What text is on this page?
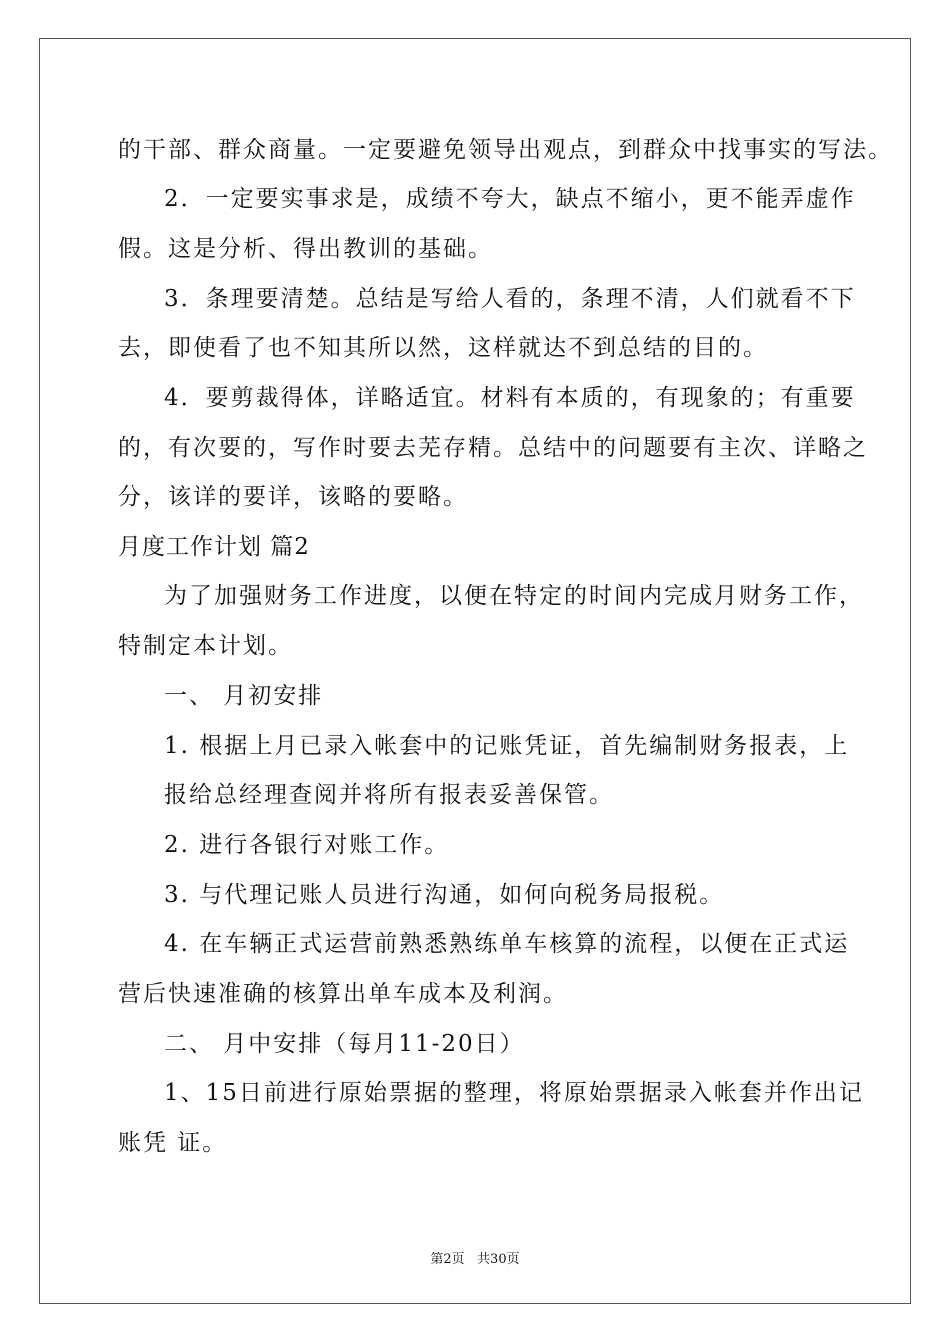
的干部、群众商量。一定要避免领导出观点，到群众中找事实的写法。

2．一定要实事求是，成绩不夸大，缺点不缩小，更不能弄虚作

假。这是分析、得出教训的基础。

3．条理要清楚。总结是写给人看的，条理不清，人们就看不下

去，即使看了也不知其所以然，这样就达不到总结的目的。

4．要剪裁得体，详略适宜。材料有本质的，有现象的；有重要

的，有次要的，写作时要去芜存精。总结中的问题要有主次、详略之

分，该详的要详，该略的要略。

月度工作计划 篇2

为了加强财务工作进度，以便在特定的时间内完成月财务工作，

特制定本计划。

一、 月初安排

1. 根据上月已录入帐套中的记账凭证，首先编制财务报表，上

报给总经理查阅并将所有报表妥善保管。

2. 进行各银行对账工作。

3. 与代理记账人员进行沟通，如何向税务局报税。

4. 在车辆正式运营前熟悉熟练单车核算的流程，以便在正式运

营后快速准确的核算出单车成本及利润。

二、 月中安排（每月11-20日）

1、15日前进行原始票据的整理，将原始票据录入帐套并作出记

账凭 证。

第2页   共30页
